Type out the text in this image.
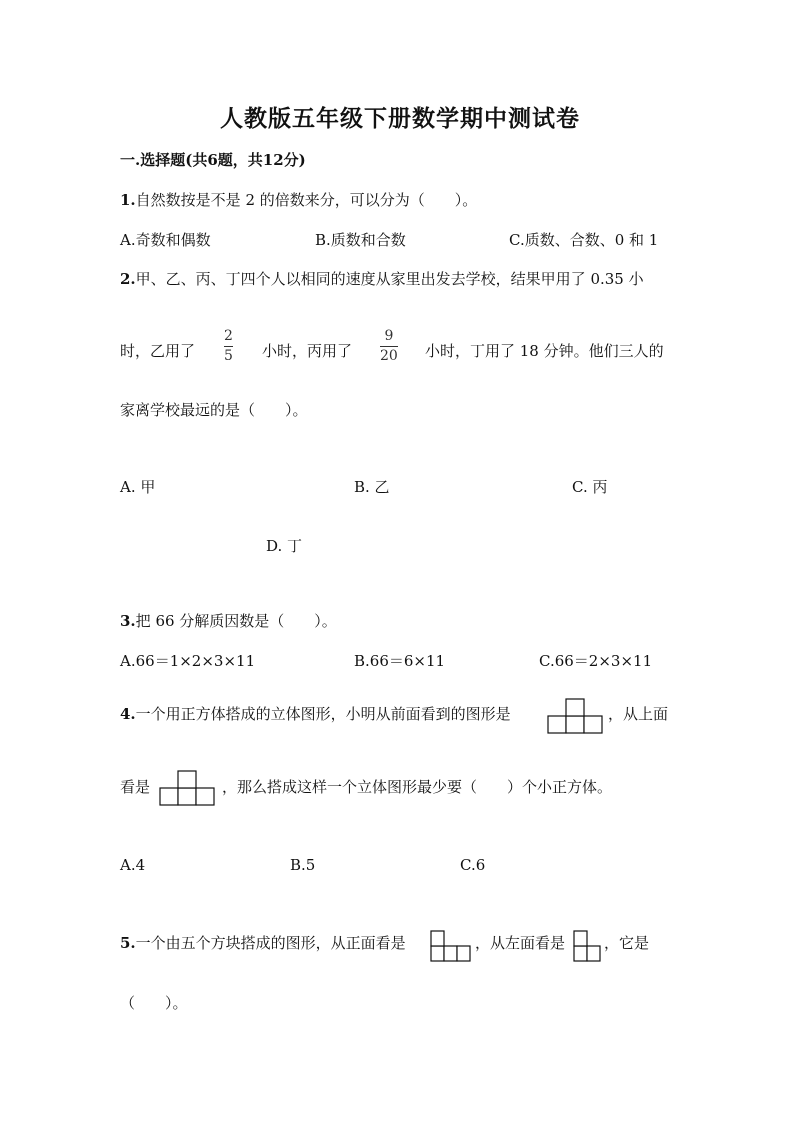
人教版五年级下册数学期中测试卷
一.选择题(共6题，共12分)
1.自然数按是不是 2 的倍数来分，可以分为（　　）。
A.奇数和偶数	B.质数和合数	C.质数、合数、0 和 1
2.甲、乙、丙、丁四个人以相同的速度从家里出发去学校，结果甲用了 0.35 小
时，乙用了
2
5 小时，丙用了
9
20 小时，丁用了 18 分钟。他们三人的
家离学校最远的是（　　）。
A. 甲	B. 乙	C. 丙
D. 丁
3.把 66 分解质因数是（　　）。
A.66＝1×2×3×11	B.66＝6×11	C.66＝2×3×11
4.一个用正方体搭成的立体图形，小明从前面看到的图形是	，从上面
看是	，那么搭成这样一个立体图形最少要（　　）个小正方体。
A.4	B.5	C.6
5.一个由五个方块搭成的图形，从正面看是	，从左面看是	，它是
（　　）。
